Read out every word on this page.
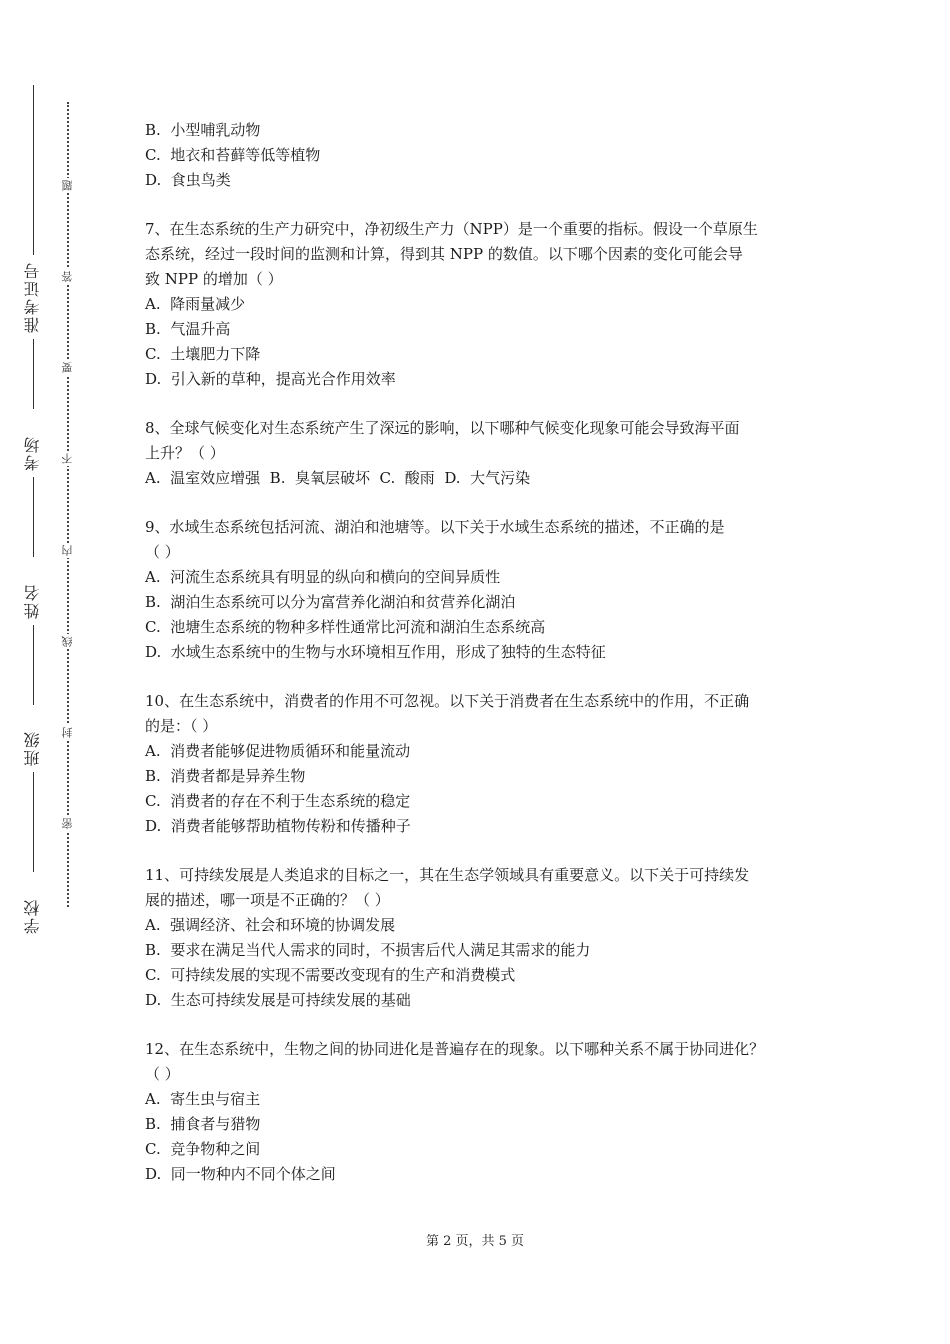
准考证号
考场
姓名
班级
学校
题
答
要
不
内
线
封
密
B.  小型哺乳动物
C.  地衣和苔藓等低等植物
D.  食虫鸟类
7、在生态系统的生产力研究中，净初级生产力（NPP）是一个重要的指标。假设一个草原生
态系统，经过一段时间的监测和计算，得到其 NPP 的数值。以下哪个因素的变化可能会导
致 NPP 的增加（ ）
A.  降雨量减少
B.  气温升高
C.  土壤肥力下降
D.  引入新的草种，提高光合作用效率
8、全球气候变化对生态系统产生了深远的影响，以下哪种气候变化现象可能会导致海平面
上升？（ ）
A.  温室效应增强  B.  臭氧层破坏  C.  酸雨  D.  大气污染
9、水域生态系统包括河流、湖泊和池塘等。以下关于水域生态系统的描述，不正确的是
（ ）
A.  河流生态系统具有明显的纵向和横向的空间异质性
B.  湖泊生态系统可以分为富营养化湖泊和贫营养化湖泊
C.  池塘生态系统的物种多样性通常比河流和湖泊生态系统高
D.  水域生态系统中的生物与水环境相互作用，形成了独特的生态特征
10、在生态系统中，消费者的作用不可忽视。以下关于消费者在生态系统中的作用，不正确
的是：（ ）
A.  消费者能够促进物质循环和能量流动
B.  消费者都是异养生物
C.  消费者的存在不利于生态系统的稳定
D.  消费者能够帮助植物传粉和传播种子
11、可持续发展是人类追求的目标之一，其在生态学领域具有重要意义。以下关于可持续发
展的描述，哪一项是不正确的？（ ）
A.  强调经济、社会和环境的协调发展
B.  要求在满足当代人需求的同时，不损害后代人满足其需求的能力
C.  可持续发展的实现不需要改变现有的生产和消费模式
D.  生态可持续发展是可持续发展的基础
12、在生态系统中，生物之间的协同进化是普遍存在的现象。以下哪种关系不属于协同进化？
（ ）
A.  寄生虫与宿主
B.  捕食者与猎物
C.  竞争物种之间
D.  同一物种内不同个体之间
第 2 页，共 5 页
